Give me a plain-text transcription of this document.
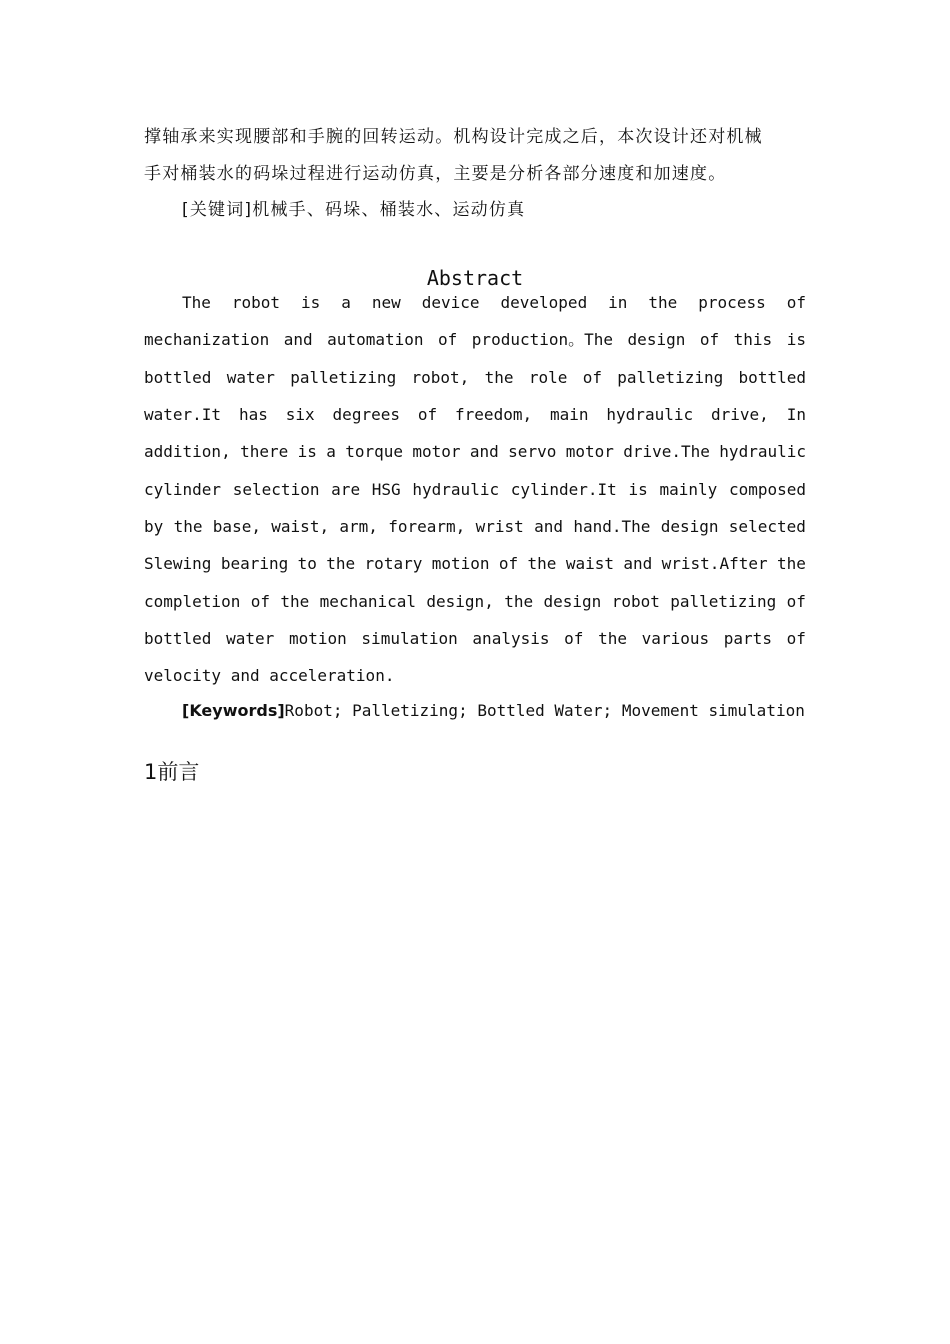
撑轴承来实现腰部和手腕的回转运动。机构设计完成之后，本次设计还对机械
手对桶装水的码垛过程进行运动仿真，主要是分析各部分速度和加速度。
[关键词]机械手、码垛、桶装水、运动仿真
Abstract
The robot is a new device developed in the process of
mechanization and automation of production。The design of this is
bottled water palletizing robot, the role of palletizing bottled
water.It has six degrees of freedom, main hydraulic drive, In
addition, there is a torque motor and servo motor drive.The hydraulic
cylinder selection are HSG hydraulic cylinder.It is mainly composed
by the base, waist, arm, forearm, wrist and hand.The design selected
Slewing bearing to the rotary motion of the waist and wrist.After the
completion of the mechanical design, the design robot palletizing of
bottled water motion simulation analysis of the various parts of
velocity and acceleration.
[Keywords]Robot; Palletizing; Bottled Water; Movement simulation
1前言
